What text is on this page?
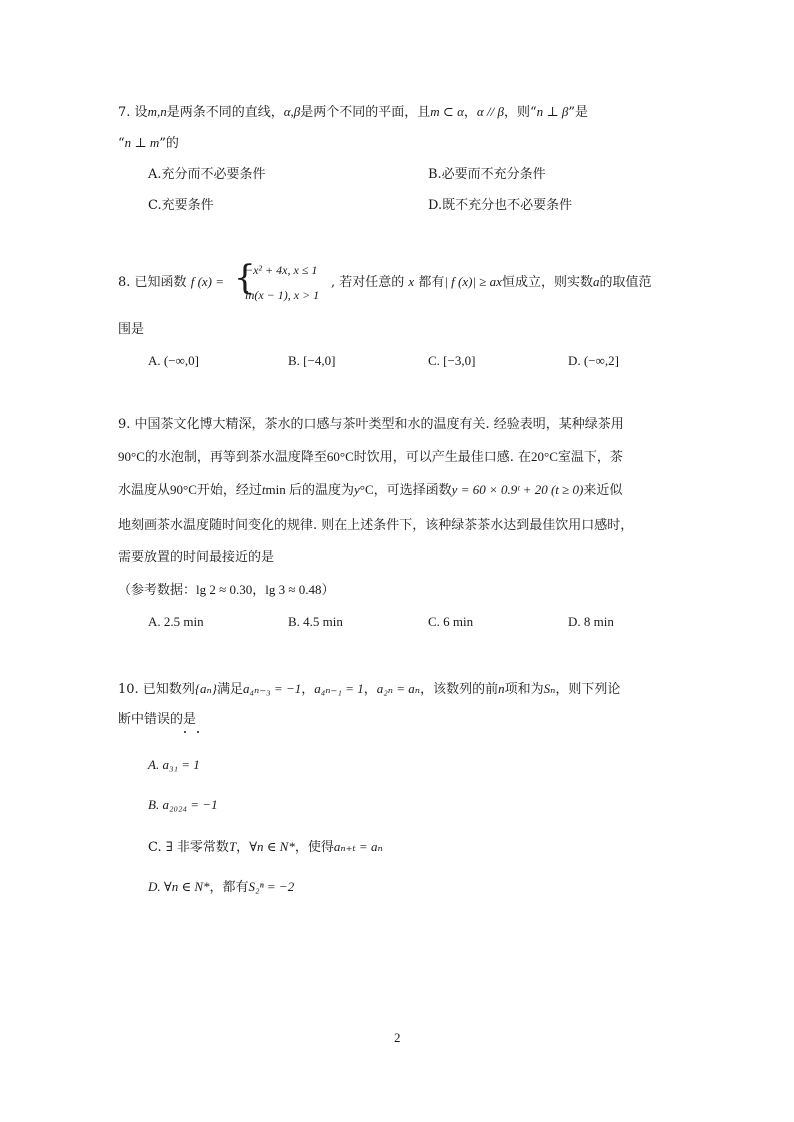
7. 设m,n是两条不同的直线，α,β是两个不同的平面，且m ⊂ α，α // β，则“n ⊥ β”是
“n ⊥ m”的
A.充分而不必要条件	B.必要而不充分条件
C.充要条件	D.既不充分也不必要条件
8. 已知函数 f (x) = {
−x² + 4x, x ≤ 1
ln(x − 1), x > 1
, 若对任意的 x 都有| f (x)| ≥ ax恒成立，则实数a的取值范
围是
A. (−∞,0]	B. [−4,0]	C. [−3,0]	D. (−∞,2]
9. 中国茶文化博大精深，茶水的口感与茶叶类型和水的温度有关. 经验表明，某种绿茶用
90°C的水泡制，再等到茶水温度降至60°C时饮用，可以产生最佳口感. 在20°C室温下，茶
水温度从90°C开始，经过tmin 后的温度为y°C，可选择函数y = 60 × 0.9ᵗ + 20 (t ≥ 0)来近似
地刻画茶水温度随时间变化的规律. 则在上述条件下，该种绿茶茶水达到最佳饮用口感时，
需要放置的时间最接近的是
（参考数据：lg 2 ≈ 0.30，lg 3 ≈ 0.48）
A. 2.5 min	B. 4.5 min	C. 6 min	D. 8 min
10. 已知数列{aₙ}满足a₄ₙ₋₃ = −1，a₄ₙ₋₁ = 1，a₂ₙ = aₙ，该数列的前n项和为Sₙ，则下列论
断中错误的是
A. a₃₁ = 1
B. a₂₀₂₄ = −1
C. ∃ 非零常数T，∀n ∈ N*，使得aₙ₊ₜ = aₙ
D. ∀n ∈ N*，都有S₂ⁿ = −2
2
